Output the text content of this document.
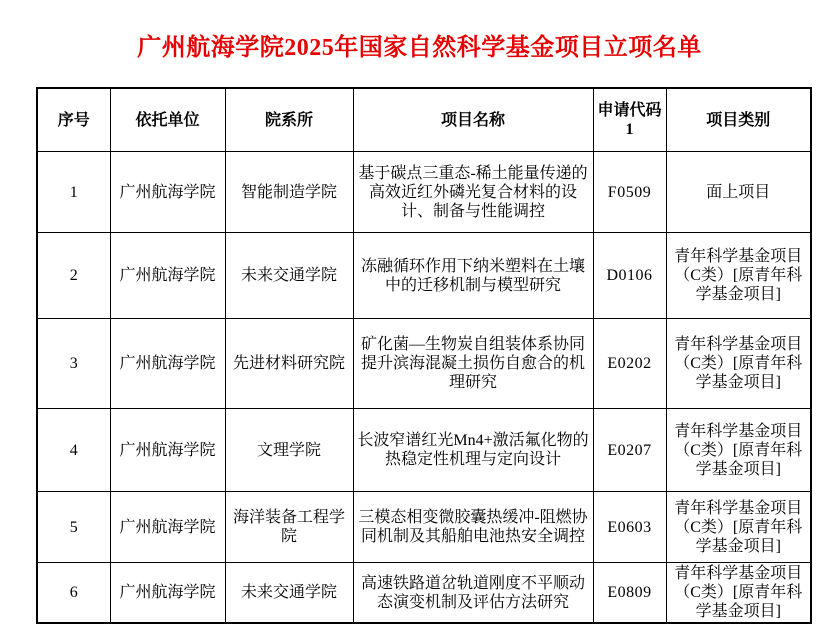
广州航海学院2025年国家自然科学基金项目立项名单
序号	依托单位	院系所	项目名称	申请代码1	项目类别
1	广州航海学院	智能制造学院	基于碳点三重态-稀土能量传递的高效近红外磷光复合材料的设计、制备与性能调控	F0509	面上项目
2	广州航海学院	未来交通学院	冻融循环作用下纳米塑料在土壤中的迁移机制与模型研究	D0106	青年科学基金项目（C类）[原青年科学基金项目]
3	广州航海学院	先进材料研究院	矿化菌—生物炭自组装体系协同提升滨海混凝土损伤自愈合的机理研究	E0202	青年科学基金项目（C类）[原青年科学基金项目]
4	广州航海学院	文理学院	长波窄谱红光Mn4+激活氟化物的热稳定性机理与定向设计	E0207	青年科学基金项目（C类）[原青年科学基金项目]
5	广州航海学院	海洋装备工程学院	三模态相变微胶囊热缓冲-阻燃协同机制及其船舶电池热安全调控	E0603	青年科学基金项目（C类）[原青年科学基金项目]
6	广州航海学院	未来交通学院	高速铁路道岔轨道刚度不平顺动态演变机制及评估方法研究	E0809	青年科学基金项目（C类）[原青年科学基金项目]
